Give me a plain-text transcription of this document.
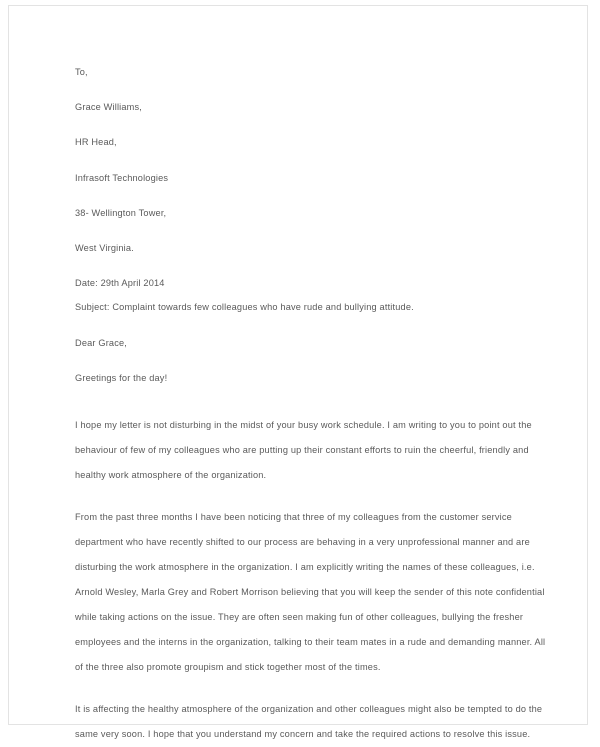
To,

Grace Williams,

HR Head,

Infrasoft Technologies

38- Wellington Tower,

West Virginia.

Date: 29th April 2014

Subject: Complaint towards few colleagues who have rude and bullying attitude.

Dear Grace,

Greetings for the day!

I hope my letter is not disturbing in the midst of your busy work schedule. I am writing to you to point out the behaviour of few of my colleagues who are putting up their constant efforts to ruin the cheerful, friendly and healthy work atmosphere of the organization.

From the past three months I have been noticing that three of my colleagues from the customer service department who have recently shifted to our process are behaving in a very unprofessional manner and are disturbing the work atmosphere in the organization. I am explicitly writing the names of these colleagues, i.e. Arnold Wesley, Marla Grey and Robert Morrison believing that you will keep the sender of this note confidential while taking actions on the issue. They are often seen making fun of other colleagues, bullying the fresher employees and the interns in the organization, talking to their team mates in a rude and demanding manner. All of the three also promote groupism and stick together most of the times.

It is affecting the healthy atmosphere of the organization and other colleagues might also be tempted to do the same very soon. I hope that you understand my concern and take the required actions to resolve this issue.
